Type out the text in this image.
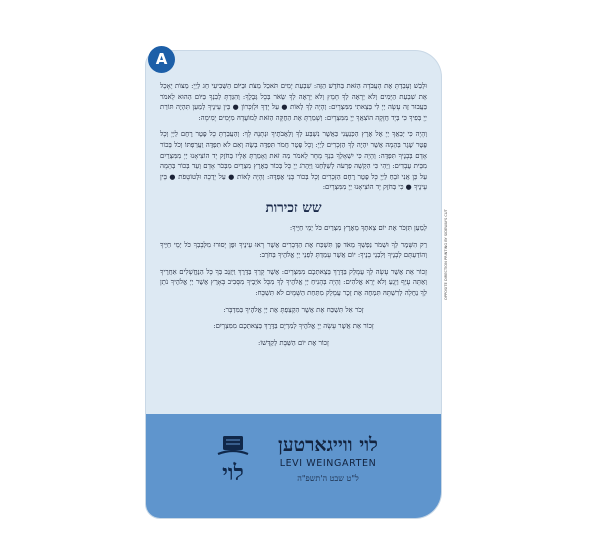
וּלְבַשׁ וְעָבַדְתָּ אֶת הָעֲבֹדָה הַזֹּאת בַּחֹדֶשׁ הַזֶּה: שִׁבְעַת יָמִים תֹּאכַל מַצֹּת וּבַיּוֹם הַשְּׁבִיעִי חַג לַיְיָ: מַצּוֹת יֵאָכֵל אֵת שִׁבְעַת הַיָּמִים וְלֹא יֵרָאֶה לְךָ חָמֵץ וְלֹא יֵרָאֶה לְךָ שְׂאֹר בְּכָל גְּבֻלֶךָ: וְהִגַּדְתָּ לְבִנְךָ בַּיּוֹם הַהוּא לֵאמֹר בַּעֲבוּר זֶה עָשָׂה יְיָ לִי בְּצֵאתִי מִמִּצְרָיִם: וְהָיָה לְךָ לְאוֹת ● עַל יָדְךָ וּלְזִכָּרוֹן ● בֵּין עֵינֶיךָ לְמַעַן תִּהְיֶה תּוֹרַת יְיָ בְּפִיךָ כִּי בְּיָד חֲזָקָה הוֹצִאֲךָ יְיָ מִמִּצְרָיִם: וְשָׁמַרְתָּ אֶת הַחֻקָּה הַזֹּאת לְמוֹעֲדָהּ מִיָּמִים יָמִימָה:

וְהָיָה כִּי יְבִאֲךָ יְיָ אֶל אֶרֶץ הַכְּנַעֲנִי כַּאֲשֶׁר נִשְׁבַּע לְךָ וְלַאֲבֹתֶיךָ וּנְתָנָהּ לָךְ: וְהַעֲבַרְתָּ כָל פֶּטֶר רֶחֶם לַיְיָ וְכָל פֶּטֶר שֶׁגֶר בְּהֵמָה אֲשֶׁר יִהְיֶה לְךָ הַזְּכָרִים לַיְיָ: וְכָל פֶּטֶר חֲמֹר תִּפְדֶּה בְשֶׂה וְאִם לֹא תִפְדֶּה וַעֲרַפְתּוֹ וְכֹל בְּכוֹר אָדָם בְּבָנֶיךָ תִּפְדֶּה: וְהָיָה כִּי יִשְׁאָלְךָ בִנְךָ מָחָר לֵאמֹר מַה זֹּאת וְאָמַרְתָּ אֵלָיו בְּחֹזֶק יָד הוֹצִיאָנוּ יְיָ מִמִּצְרַיִם מִבֵּית עֲבָדִים: וַיְהִי כִּי הִקְשָׁה פַרְעֹה לְשַׁלְּחֵנוּ וַיַּהֲרֹג יְיָ כָּל בְּכוֹר בְּאֶרֶץ מִצְרַיִם מִבְּכֹר אָדָם וְעַד בְּכוֹר בְּהֵמָה עַל כֵּן אֲנִי זֹבֵחַ לַיְיָ כָּל פֶּטֶר רֶחֶם הַזְּכָרִים וְכָל בְּכוֹר בָּנַי אֶפְדֶּה: וְהָיָה לְאוֹת ● עַל יָדְכָה וּלְטוֹטָפֹת ● בֵּין עֵינֶיךָ ● כִּי בְּחֹזֶק יָד הוֹצִיאָנוּ יְיָ מִמִּצְרָיִם:

שש זכירות

לְמַעַן תִּזְכֹּר אֶת יוֹם צֵאתְךָ מֵאֶרֶץ מִצְרַיִם כֹּל יְמֵי חַיֶּיךָ:

רַק הִשָּׁמֶר לְךָ וּשְׁמֹר נַפְשְׁךָ מְאֹד פֶּן תִּשְׁכַּח אֶת הַדְּבָרִים אֲשֶׁר רָאוּ עֵינֶיךָ וּפֶן יָסוּרוּ מִלְּבָבְךָ כֹּל יְמֵי חַיֶּיךָ וְהוֹדַעְתָּם לְבָנֶיךָ וְלִבְנֵי בָנֶיךָ: יוֹם אֲשֶׁר עָמַדְתָּ לִפְנֵי יְיָ אֱלֹהֶיךָ בְּחֹרֵב:

זָכוֹר אֵת אֲשֶׁר עָשָׂה לְךָ עֲמָלֵק בַּדֶּרֶךְ בְּצֵאתְכֶם מִמִּצְרָיִם: אֲשֶׁר קָרְךָ בַּדֶּרֶךְ וַיְזַנֵּב בְּךָ כָּל הַנֶּחֱשָׁלִים אַחֲרֶיךָ וְאַתָּה עָיֵף וְיָגֵעַ וְלֹא יָרֵא אֱלֹהִים: וְהָיָה בְּהָנִיחַ יְיָ אֱלֹהֶיךָ לְךָ מִכָּל אֹיְבֶיךָ מִסָּבִיב בָּאָרֶץ אֲשֶׁר יְיָ אֱלֹהֶיךָ נֹתֵן לְךָ נַחֲלָה לְרִשְׁתָּהּ תִּמְחֶה אֶת זֵכֶר עֲמָלֵק מִתַּחַת הַשָּׁמָיִם לֹא תִּשְׁכָּח:

זְכֹר אַל תִּשְׁכַּח אֵת אֲשֶׁר הִקְצַפְתָּ אֶת יְיָ אֱלֹהֶיךָ בַּמִּדְבָּר:

זָכוֹר אֵת אֲשֶׁר עָשָׂה יְיָ אֱלֹהֶיךָ לְמִרְיָם בַּדֶּרֶךְ בְּצֵאתְכֶם מִמִּצְרָיִם:

זָכוֹר אֶת יוֹם הַשַּׁבָּת לְקַדְּשׁוֹ:

לוי
לוי ווייגארטען
LEVI WEINGARTEN
ל"ט שבט ה'תשפ"ה
A
OPPOSITE DIRECTION PRINTING BY SIDEWAYS CUT
